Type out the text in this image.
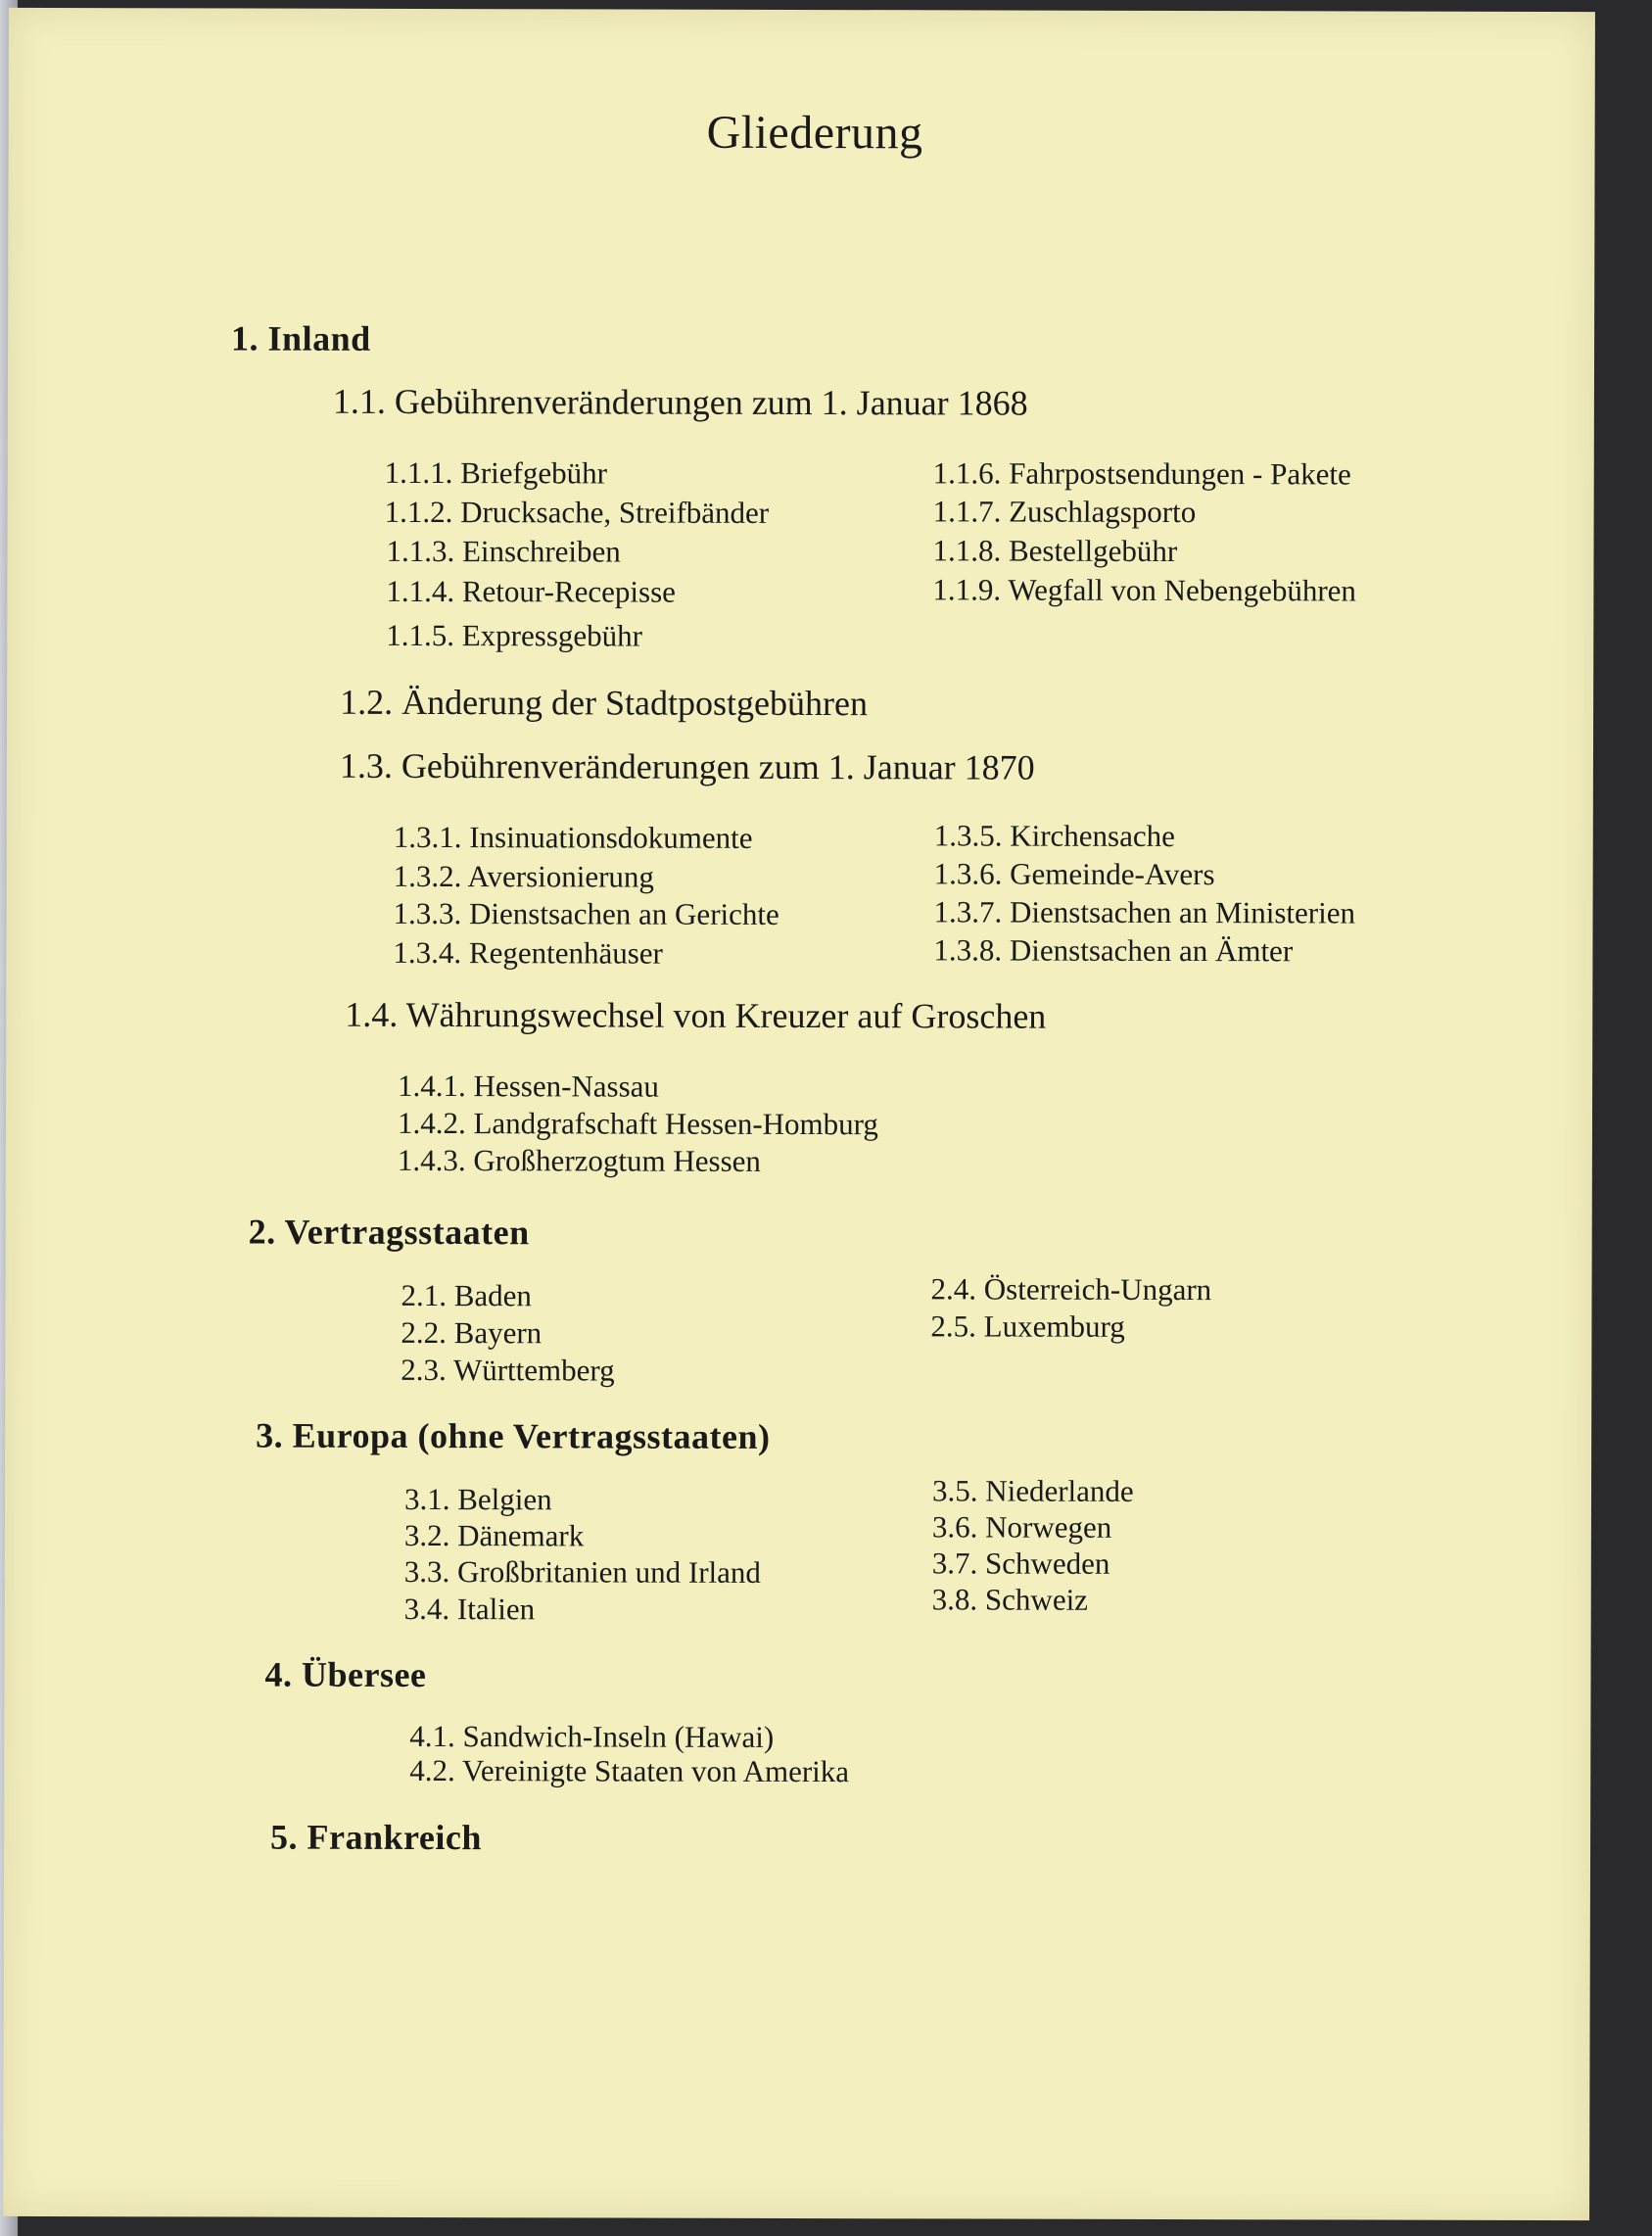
Gliederung
1. Inland
1.1. Gebührenveränderungen zum 1. Januar 1868
1.1.1. Briefgebühr
1.1.2. Drucksache, Streifbänder
1.1.3. Einschreiben
1.1.4. Retour-Recepisse
1.1.5. Expressgebühr
1.1.6. Fahrpostsendungen - Pakete
1.1.7. Zuschlagsporto
1.1.8. Bestellgebühr
1.1.9. Wegfall von Nebengebühren
1.2. Änderung der Stadtpostgebühren
1.3. Gebührenveränderungen zum 1. Januar 1870
1.3.1. Insinuationsdokumente
1.3.2. Aversionierung
1.3.3. Dienstsachen an Gerichte
1.3.4. Regentenhäuser
1.3.5. Kirchensache
1.3.6. Gemeinde-Avers
1.3.7. Dienstsachen an Ministerien
1.3.8. Dienstsachen an Ämter
1.4. Währungswechsel von Kreuzer auf Groschen
1.4.1. Hessen-Nassau
1.4.2. Landgrafschaft Hessen-Homburg
1.4.3. Großherzogtum Hessen
2. Vertragsstaaten
2.1. Baden
2.2. Bayern
2.3. Württemberg
2.4. Österreich-Ungarn
2.5. Luxemburg
3. Europa (ohne Vertragsstaaten)
3.1. Belgien
3.2. Dänemark
3.3. Großbritanien und Irland
3.4. Italien
3.5. Niederlande
3.6. Norwegen
3.7. Schweden
3.8. Schweiz
4. Übersee
4.1. Sandwich-Inseln (Hawai)
4.2. Vereinigte Staaten von Amerika
5. Frankreich
